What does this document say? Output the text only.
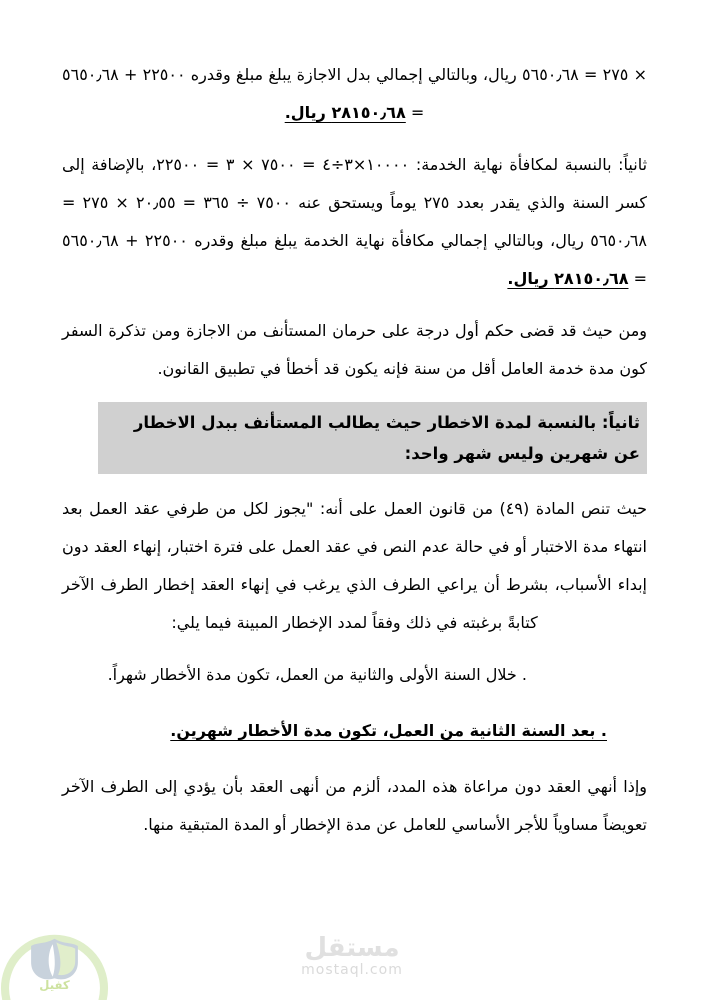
× ٢٧٥ = ٥٦٥٠٫٦٨ ريال، وبالتالي إجمالي بدل الاجازة يبلغ مبلغ وقدره ٢٢٥٠٠ + ٥٦٥٠٫٦٨ = ٢٨١٥٠٫٦٨ ريال.

ثانياً: بالنسبة لمكافأة نهاية الخدمة: ١٠٠٠٠×٣÷٤ = ٧٥٠٠ × ٣ = ٢٢٥٠٠، بالإضافة إلى كسر السنة والذي يقدر بعدد ٢٧٥ يوماً ويستحق عنه ٧٥٠٠ ÷ ٣٦٥ = ٢٠٫٥٥ × ٢٧٥ = ٥٦٥٠٫٦٨ ريال، وبالتالي إجمالي مكافأة نهاية الخدمة يبلغ مبلغ وقدره ٢٢٥٠٠ + ٥٦٥٠٫٦٨ = ٢٨١٥٠٫٦٨ ريال.

ومن حيث قد قضى حكم أول درجة على حرمان المستأنف من الاجازة ومن تذكرة السفر كون مدة خدمة العامل أقل من سنة فإنه يكون قد أخطأ في تطبيق القانون.

ثانياً: بالنسبة لمدة الاخطار حيث يطالب المستأنف ببدل الاخطار عن شهرين وليس شهر واحد:

حيث تنص المادة (٤٩) من قانون العمل على أنه: "يجوز لكل من طرفي عقد العمل بعد انتهاء مدة الاختبار أو في حالة عدم النص في عقد العمل على فترة اختبار، إنهاء العقد دون إبداء الأسباب، بشرط أن يراعي الطرف الذي يرغب في إنهاء العقد إخطار الطرف الآخر كتابةً برغبته في ذلك وفقاً لمدد الإخطار المبينة فيما يلي:

. خلال السنة الأولى والثانية من العمل، تكون مدة الأخطار شهراً.
. بعد السنة الثانية من العمل، تكون مدة الأخطار شهرين.

وإذا أنهي العقد دون مراعاة هذه المدد، ألزم من أنهى العقد بأن يؤدي إلى الطرف الآخر تعويضاً مساوياً للأجر الأساسي للعامل عن مدة الإخطار أو المدة المتبقية منها.

مستقل
mostaql.com
كفيل
